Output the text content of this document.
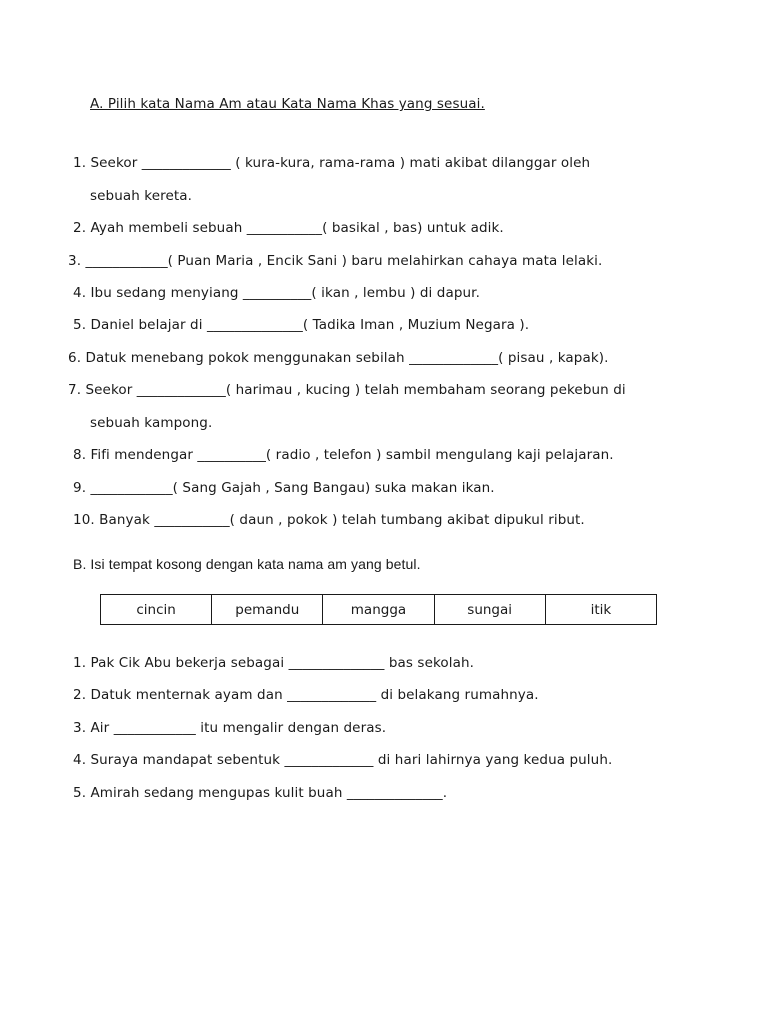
A. Pilih kata Nama Am atau Kata Nama Khas yang sesuai.
1. Seekor _____________ ( kura-kura, rama-rama ) mati akibat dilanggar oleh
sebuah kereta.
2. Ayah membeli sebuah ___________( basikal , bas) untuk adik.
3. ____________( Puan Maria , Encik Sani ) baru melahirkan cahaya mata lelaki.
4. Ibu sedang menyiang __________( ikan , lembu ) di dapur.
5. Daniel belajar di ______________( Tadika Iman , Muzium Negara ).
6. Datuk menebang pokok menggunakan sebilah _____________( pisau , kapak).
7. Seekor _____________( harimau , kucing ) telah membaham seorang pekebun di
sebuah kampong.
8. Fifi mendengar __________( radio , telefon ) sambil mengulang kaji pelajaran.
9. ____________( Sang Gajah , Sang Bangau) suka makan ikan.
10. Banyak ___________( daun , pokok ) telah tumbang akibat dipukul ribut.
B. Isi tempat kosong dengan kata nama am yang betul.
cincin	pemandu	mangga	sungai	itik
1. Pak Cik Abu bekerja sebagai ______________ bas sekolah.
2. Datuk menternak ayam dan _____________ di belakang rumahnya.
3. Air ____________ itu mengalir dengan deras.
4. Suraya mandapat sebentuk _____________ di hari lahirnya yang kedua puluh.
5. Amirah sedang mengupas kulit buah ______________.
